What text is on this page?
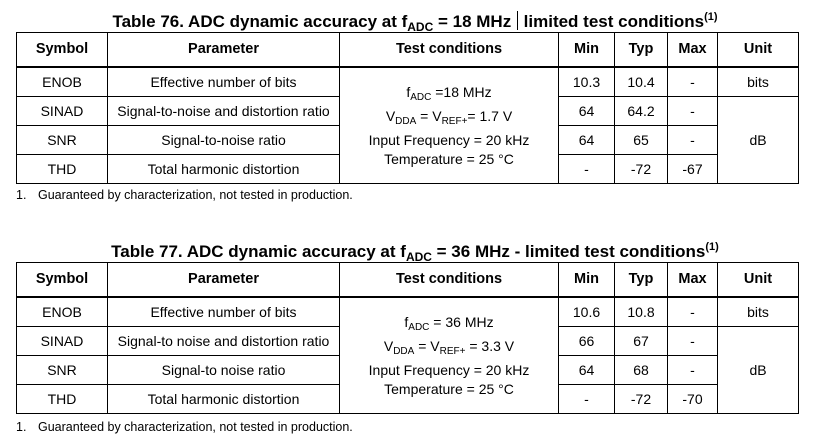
Table 76. ADC dynamic accuracy at $f_{ADC} = 18$ MHz  limited test conditions$^{(1)}$
Symbol	Parameter	Test conditions	Min	Typ	Max	Unit
ENOB	Effective number of bits	$f_{ADC} =18$ MHz
$V_{DDA} = V_{REF+}= 1.7$ V
Input Frequency = 20 kHz
Temperature = 25 °C	10.3	10.4	-	bits
SINAD	Signal-to-noise and distortion ratio		64	64.2	-	dB
SNR	Signal-to-noise ratio		64	65	-	
THD	Total harmonic distortion		-	-72	-67	
1. Guaranteed by characterization, not tested in production.
Table 77. ADC dynamic accuracy at $f_{ADC} = 36$ MHz - limited test conditions$^{(1)}$
Symbol	Parameter	Test conditions	Min	Typ	Max	Unit
ENOB	Effective number of bits	$f_{ADC} = 36$ MHz
$V_{DDA} = V_{REF+} = 3.3$ V
Input Frequency = 20 kHz
Temperature = 25 °C	10.6	10.8	-	bits
SINAD	Signal-to noise and distortion ratio		66	67	-	dB
SNR	Signal-to noise ratio		64	68	-	
THD	Total harmonic distortion		-	-72	-70	
1. Guaranteed by characterization, not tested in production.
